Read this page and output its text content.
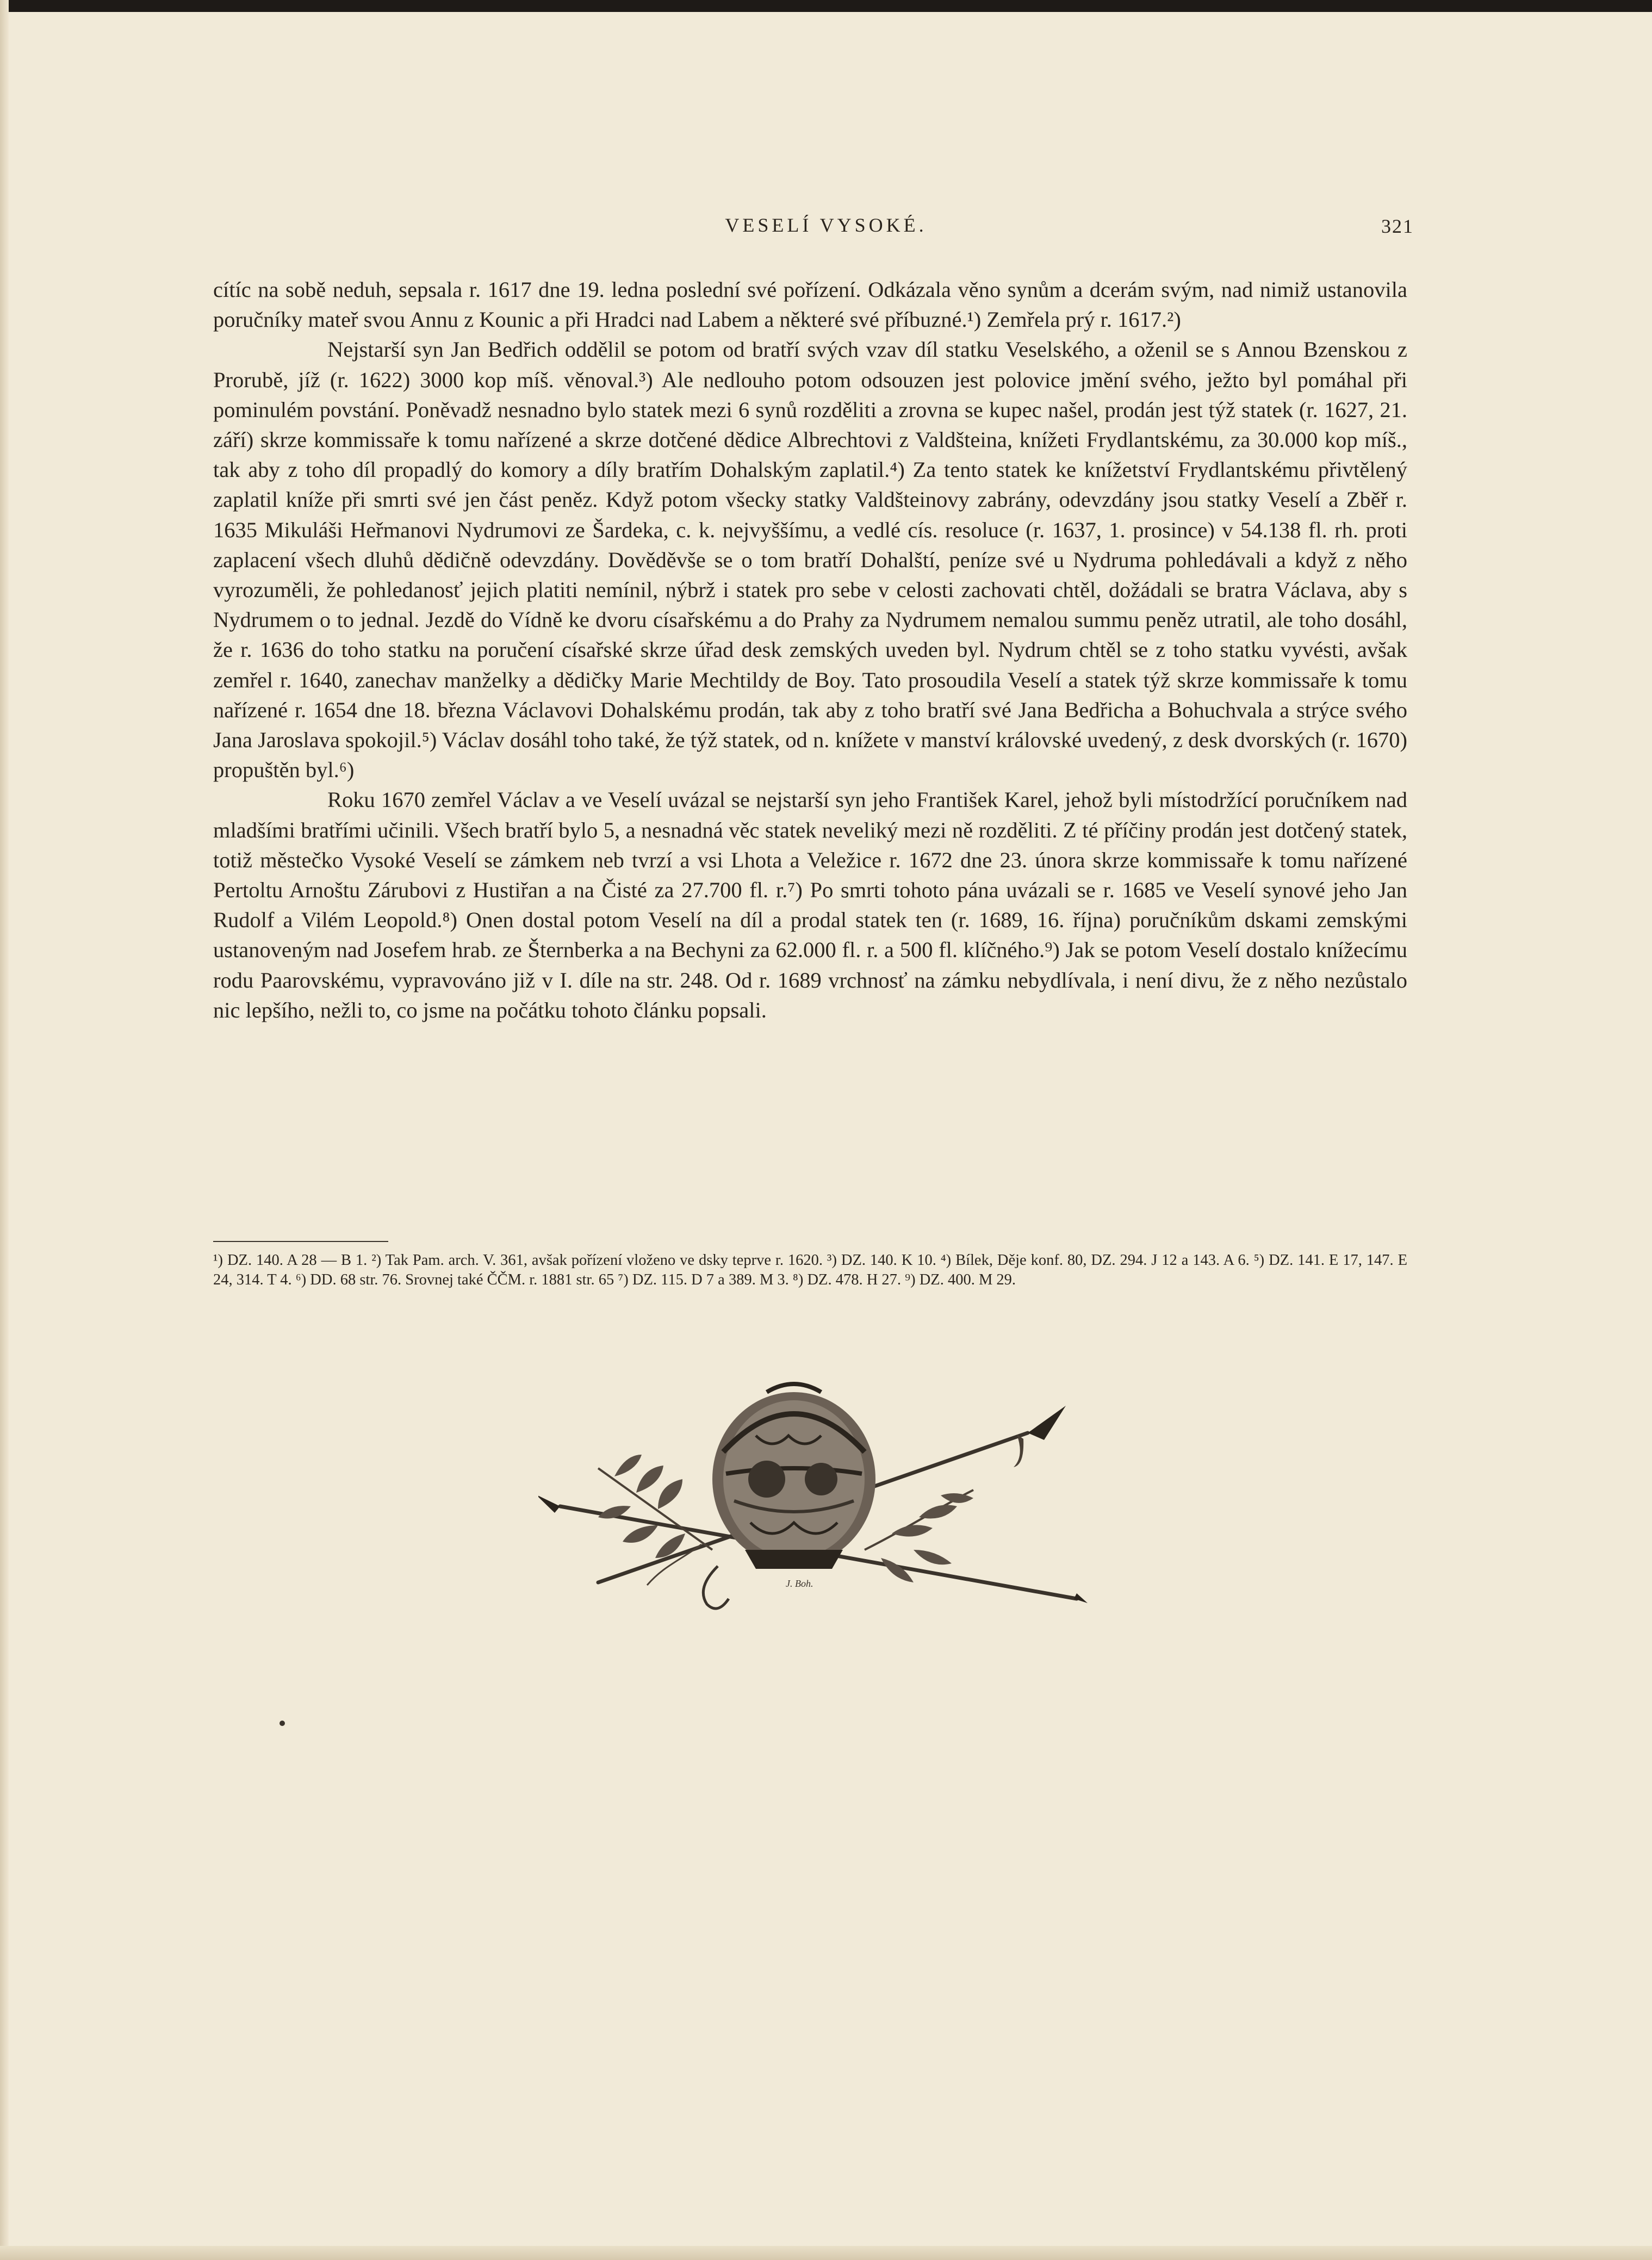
VESELÍ VYSOKÉ.	321

cítíc na sobě neduh, sepsala r. 1617 dne 19. ledna poslední své pořízení. Odkázala věno synům a dcerám svým, nad nimiž ustanovila poručníky mateř svou Annu z Kounic a při Hradci nad Labem a některé své příbuzné.¹) Zemřela prý r. 1617.²)

Nejstarší syn Jan Bedřich oddělil se potom od bratří svých vzav díl statku Veselského, a oženil se s Annou Bzenskou z Prorubě, jíž (r. 1622) 3000 kop míš. věnoval.³) Ale nedlouho potom odsouzen jest polovice jmění svého, ježto byl pomáhal při pominulém povstání. Poněvadž nesnadno bylo statek mezi 6 synů rozděliti a zrovna se kupec našel, prodán jest týž statek (r. 1627, 21. září) skrze kommissaře k tomu nařízené a skrze dotčené dědice Albrechtovi z Valdšteina, knížeti Frydlantskému, za 30.000 kop míš., tak aby z toho díl propadlý do komory a díly bratřím Dohalským zaplatil.⁴) Za tento statek ke knížetství Frydlantskému přivtělený zaplatil kníže při smrti své jen část peněz. Když potom všecky statky Valdšteinovy zabrány, odevzdány jsou statky Veselí a Zběř r. 1635 Mikuláši Heřmanovi Nydrumovi ze Šardeka, c. k. nejvyššímu, a vedlé cís. resoluce (r. 1637, 1. prosince) v 54.138 fl. rh. proti zaplacení všech dluhů dědičně odevzdány. Dověděvše se o tom bratří Dohalští, peníze své u Nydruma pohledávali a když z něho vyrozuměli, že pohledanosť jejich platiti nemínil, nýbrž i statek pro sebe v celosti zachovati chtěl, dožádali se bratra Václava, aby s Nydrumem o to jednal. Jezdě do Vídně ke dvoru císařskému a do Prahy za Nydrumem nemalou summu peněz utratil, ale toho dosáhl, že r. 1636 do toho statku na poručení císařské skrze úřad desk zemských uveden byl. Nydrum chtěl se z toho statku vyvésti, avšak zemřel r. 1640, zanechav manželky a dědičky Marie Mechtildy de Boy. Tato prosoudila Veselí a statek týž skrze kommissaře k tomu nařízené r. 1654 dne 18. března Václavovi Dohalskému prodán, tak aby z toho bratří své Jana Bedřicha a Bohuchvala a strýce svého Jana Jaroslava spokojil.⁵) Václav dosáhl toho také, že týž statek, od n. knížete v manství královské uvedený, z desk dvorských (r. 1670) propuštěn byl.⁶)

Roku 1670 zemřel Václav a ve Veselí uvázal se nejstarší syn jeho František Karel, jehož byli místodržící poručníkem nad mladšími bratřími učinili. Všech bratří bylo 5, a nesnadná věc statek neveliký mezi ně rozděliti. Z té příčiny prodán jest dotčený statek, totiž městečko Vysoké Veselí se zámkem neb tvrzí a vsi Lhota a Veležice r. 1672 dne 23. února skrze kommissaře k tomu nařízené Pertoltu Arnoštu Zárubovi z Hustiřan a na Čisté za 27.700 fl. r.⁷) Po smrti tohoto pána uvázali se r. 1685 ve Veselí synové jeho Jan Rudolf a Vilém Leopold.⁸) Onen dostal potom Veselí na díl a prodal statek ten (r. 1689, 16. října) poručníkům dskami zemskými ustanoveným nad Josefem hrab. ze Šternberka a na Bechyni za 62.000 fl. r. a 500 fl. klíčného.⁹) Jak se potom Veselí dostalo knížecímu rodu Paarovskému, vypravováno již v I. díle na str. 248. Od r. 1689 vrchnosť na zámku nebydlívala, i není divu, že z něho nezůstalo nic lepšího, nežli to, co jsme na počátku tohoto článku popsali.

¹) DZ. 140. A 28 — B 1. ²) Tak Pam. arch. V. 361, avšak pořízení vloženo ve dsky teprve r. 1620. ³) DZ. 140. K 10. ⁴) Bílek, Děje konf. 80, DZ. 294. J 12 a 143. A 6. ⁵) DZ. 141. E 17, 147. E 24, 314. T 4. ⁶) DD. 68 str. 76. Srovnej také ČČM. r. 1881 str. 65 ⁷) DZ. 115. D 7 a 389. M 3. ⁸) DZ. 478. H 27. ⁹) DZ. 400. M 29.

J. Boh.
